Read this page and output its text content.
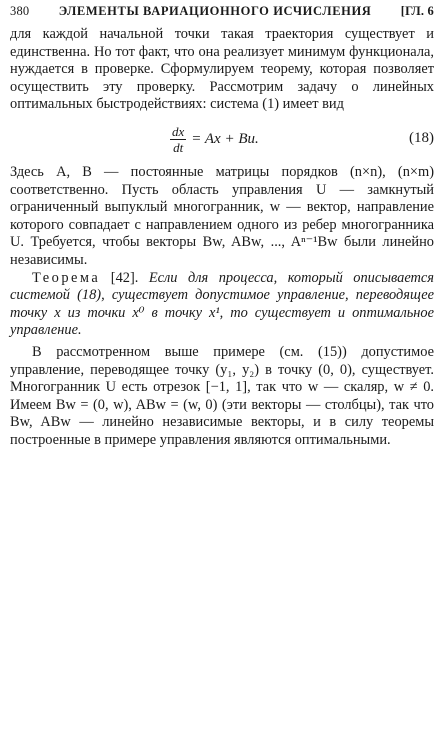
380 ЭЛЕМЕНТЫ ВАРИАЦИОННОГО ИСЧИСЛЕНИЯ [ГЛ. 6

для каждой начальной точки такая траектория существует и единственна. Но тот факт, что она реализует минимум функционала, нуждается в проверке. Сформулируем теорему, которая позволяет осуществить эту проверку. Рассмотрим задачу о линейных оптимальных быстродействиях: система (1) имеет вид

$\frac{dx}{dt} = Ax + Bu$.	(18)

Здесь A, B — постоянные матрицы порядков (n×n), (n×m) соответственно. Пусть область управления U — замкнутый ограниченный выпуклый многогранник, w — вектор, направление которого совпадает с направлением одного из ребер многогранника U. Требуется, чтобы векторы Bw, ABw, ..., Aⁿ⁻¹Bw были линейно независимы.

Теорема [42]. Если для процесса, который описывается системой (18), существует допустимое управление, переводящее точку x из точки x⁰ в точку x¹, то существует и оптимальное управление.

В рассмотренном выше примере (см. (15)) допустимое управление, переводящее точку (y₁, y₂) в точку (0, 0), существует. Многогранник U есть отрезок [−1, 1], так что w — скаляр, w ≠ 0. Имеем Bw = (0, w), ABw = (w, 0) (эти векторы — столбцы), так что Bw, ABw — линейно независимые векторы, и в силу теоремы построенные в примере управления являются оптимальными.
